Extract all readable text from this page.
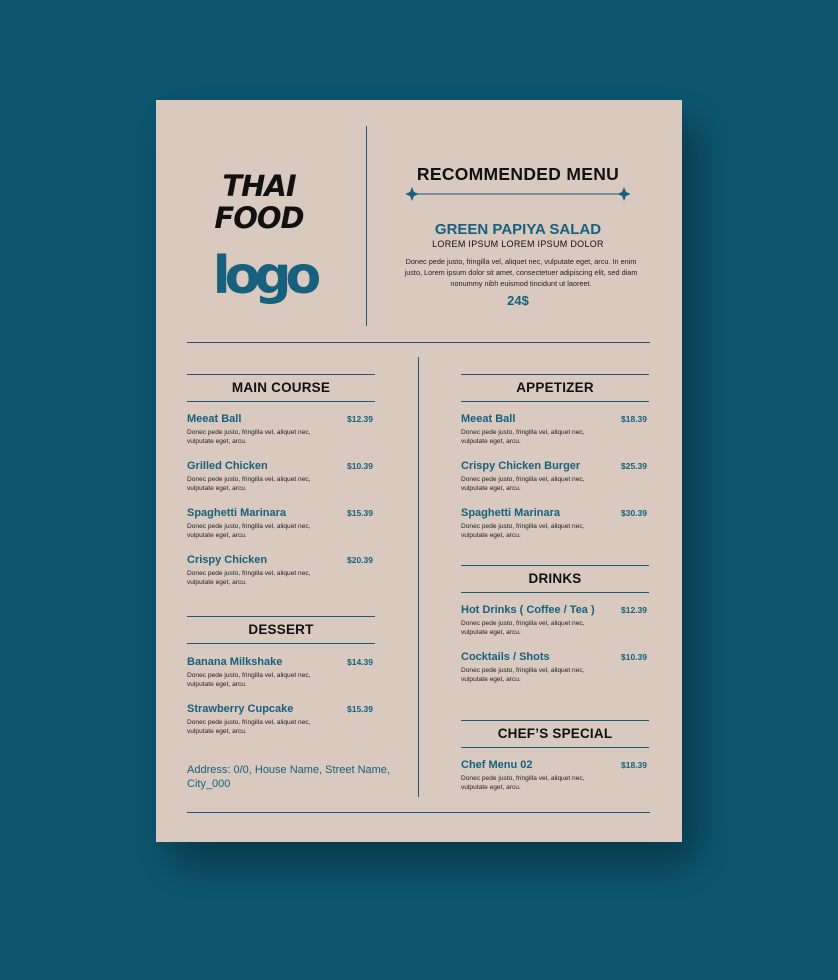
THAI
FOOD
logo
RECOMMENDED MENU
GREEN PAPIYA SALAD
LOREM IPSUM LOREM IPSUM DOLOR
Donec pede justo, fringilla vel, aliquet nec, vulputate eget, arcu. In enim justo, Lorem ipsum dolor sit amet, consectetuer adipiscing elit, sed diam nonummy nibh euismod tincidunt ut laoreet.
24$
MAIN COURSE
Meeat Ball	$12.39
Donec pede justo, fringilla vel, aliquet nec, vulputate eget, arcu.
Grilled Chicken	$10.39
Donec pede justo, fringilla vel, aliquet nec, vulputate eget, arcu.
Spaghetti Marinara	$15.39
Donec pede justo, fringilla vel, aliquet nec, vulputate eget, arcu.
Crispy Chicken	$20.39
Donec pede justo, fringilla vel, aliquet nec, vulputate eget, arcu.
DESSERT
Banana Milkshake	$14.39
Donec pede justo, fringilla vel, aliquet nec, vulputate eget, arcu.
Strawberry Cupcake	$15.39
Donec pede justo, fringilla vel, aliquet nec, vulputate eget, arcu.
Address: 0/0, House Name, Street Name, City_000
APPETIZER
Meeat Ball	$18.39
Donec pede justo, fringilla vel, aliquet nec, vulputate eget, arcu.
Crispy Chicken Burger	$25.39
Donec pede justo, fringilla vel, aliquet nec, vulputate eget, arcu.
Spaghetti Marinara	$30.39
Donec pede justo, fringilla vel, aliquet nec, vulputate eget, arcu.
DRINKS
Hot Drinks ( Coffee / Tea )	$12.39
Donec pede justo, fringilla vel, aliquet nec, vulputate eget, arcu.
Cocktails / Shots	$10.39
Donec pede justo, fringilla vel, aliquet nec, vulputate eget, arcu.
CHEF’S SPECIAL
Chef Menu 02	$18.39
Donec pede justo, fringilla vel, aliquet nec, vulputate eget, arcu.
